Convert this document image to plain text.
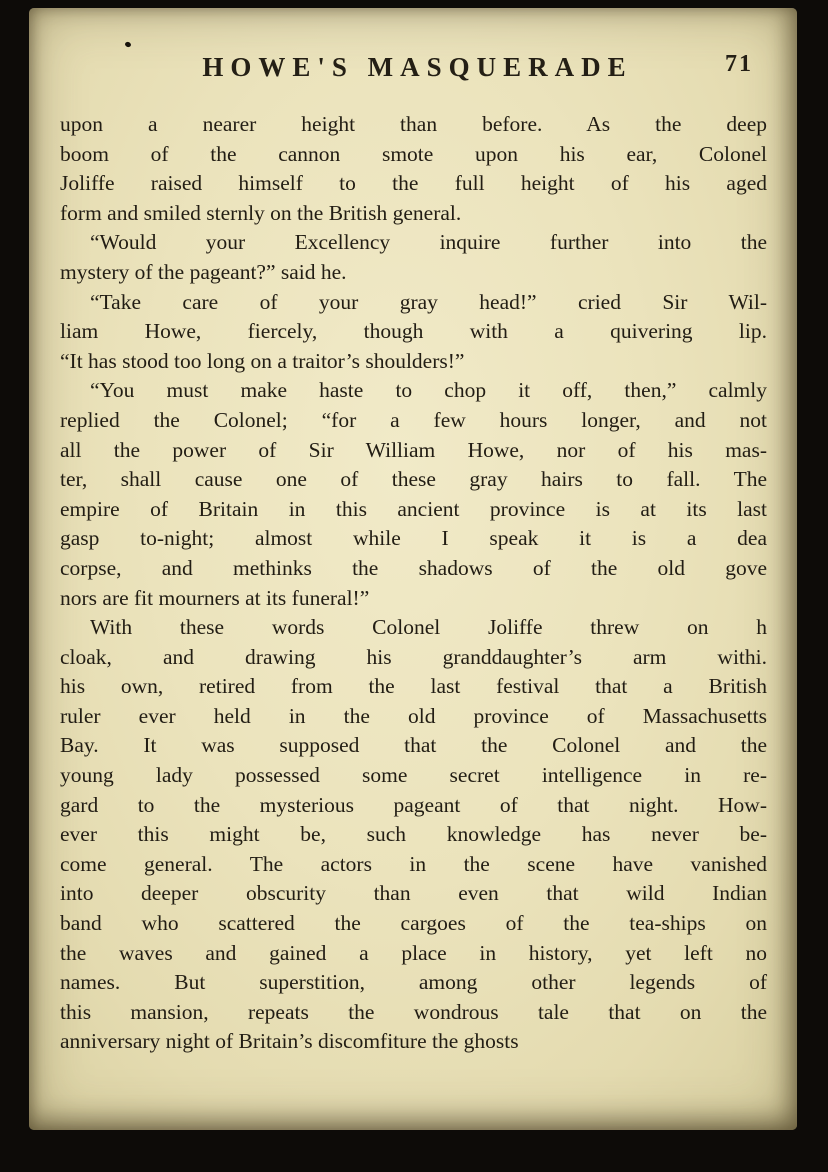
HOWE'S MASQUERADE	71
upon a nearer height than before. As the deep
boom of the cannon smote upon his ear, Colonel
Joliffe raised himself to the full height of his aged
form and smiled sternly on the British general.
“Would your Excellency inquire further into the
mystery of the pageant?” said he.
“Take care of your gray head!” cried Sir Wil-
liam Howe, fiercely, though with a quivering lip.
“It has stood too long on a traitor’s shoulders!”
“You must make haste to chop it off, then,” calmly
replied the Colonel; “for a few hours longer, and not
all the power of Sir William Howe, nor of his mas-
ter, shall cause one of these gray hairs to fall. The
empire of Britain in this ancient province is at its last
gasp to-night; almost while I speak it is a dea
corpse, and methinks the shadows of the old gove
nors are fit mourners at its funeral!”
With these words Colonel Joliffe threw on h
cloak, and drawing his granddaughter’s arm withi.
his own, retired from the last festival that a British
ruler ever held in the old province of Massachusetts
Bay. It was supposed that the Colonel and the
young lady possessed some secret intelligence in re-
gard to the mysterious pageant of that night. How-
ever this might be, such knowledge has never be-
come general. The actors in the scene have vanished
into deeper obscurity than even that wild Indian
band who scattered the cargoes of the tea-ships on
the waves and gained a place in history, yet left no
names. But superstition, among other legends of
this mansion, repeats the wondrous tale that on the
anniversary night of Britain’s discomfiture the ghosts
